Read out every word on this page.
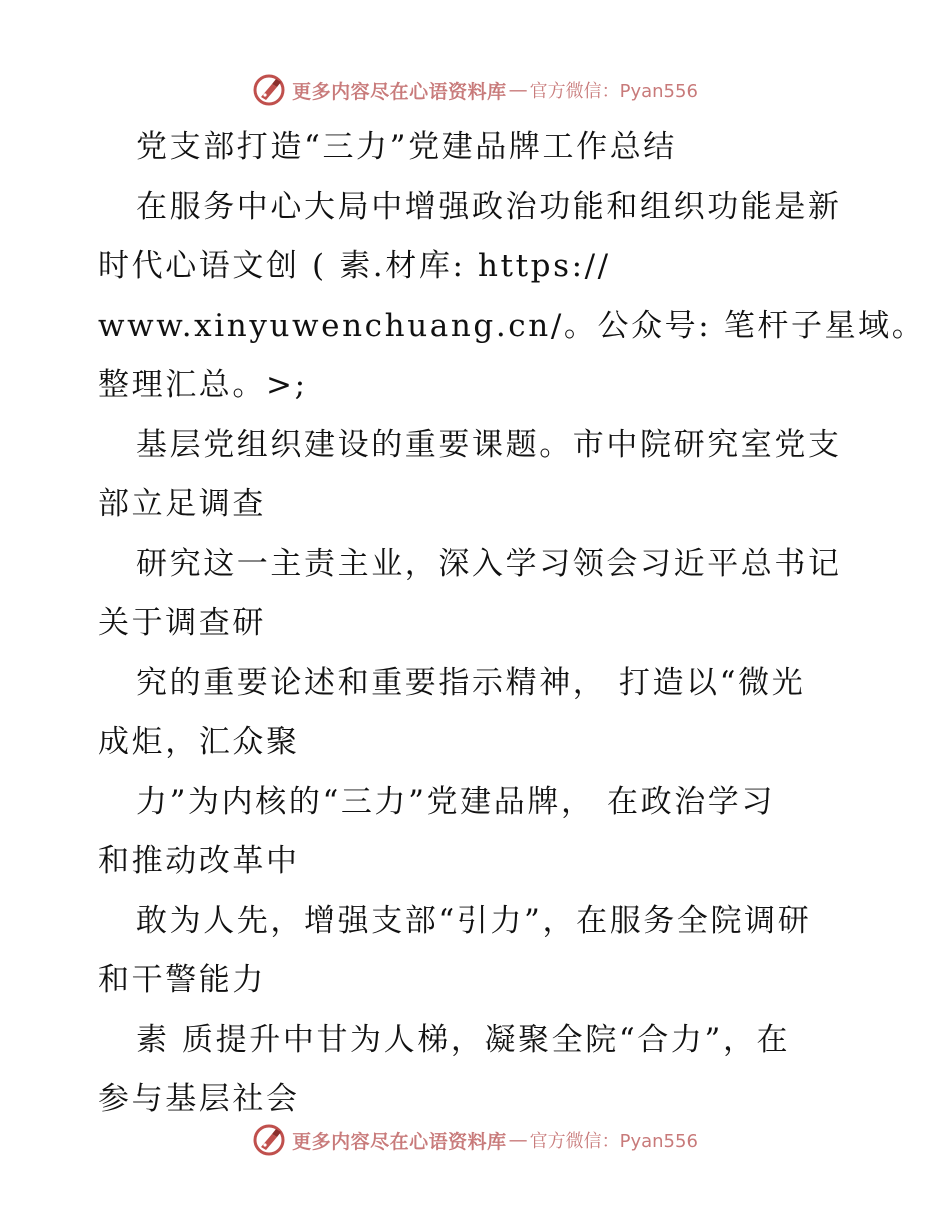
更多内容尽在心语资料库 — 官方微信：Pyan556
党支部打造“三力”党建品牌工作总结
在服务中心大局中增强政治功能和组织功能是新
时代心语文创 ( 素.材库: https://
www.xinyuwenchuang.cn/。公众号: 笔杆子星域。
整理汇总。>;
基层党组织建设的重要课题。市中院研究室党支
部立足调查
研究这一主责主业，深入学习领会习近平总书记
关于调查研
究的重要论述和重要指示精神， 打造以“微光
成炬，汇众聚
力”为内核的“三力”党建品牌， 在政治学习
和推动改革中
敢为人先，增强支部“引力”，在服务全院调研
和干警能力
素 质提升中甘为人梯，凝聚全院“合力”，在
参与基层社会
更多内容尽在心语资料库 — 官方微信：Pyan556
